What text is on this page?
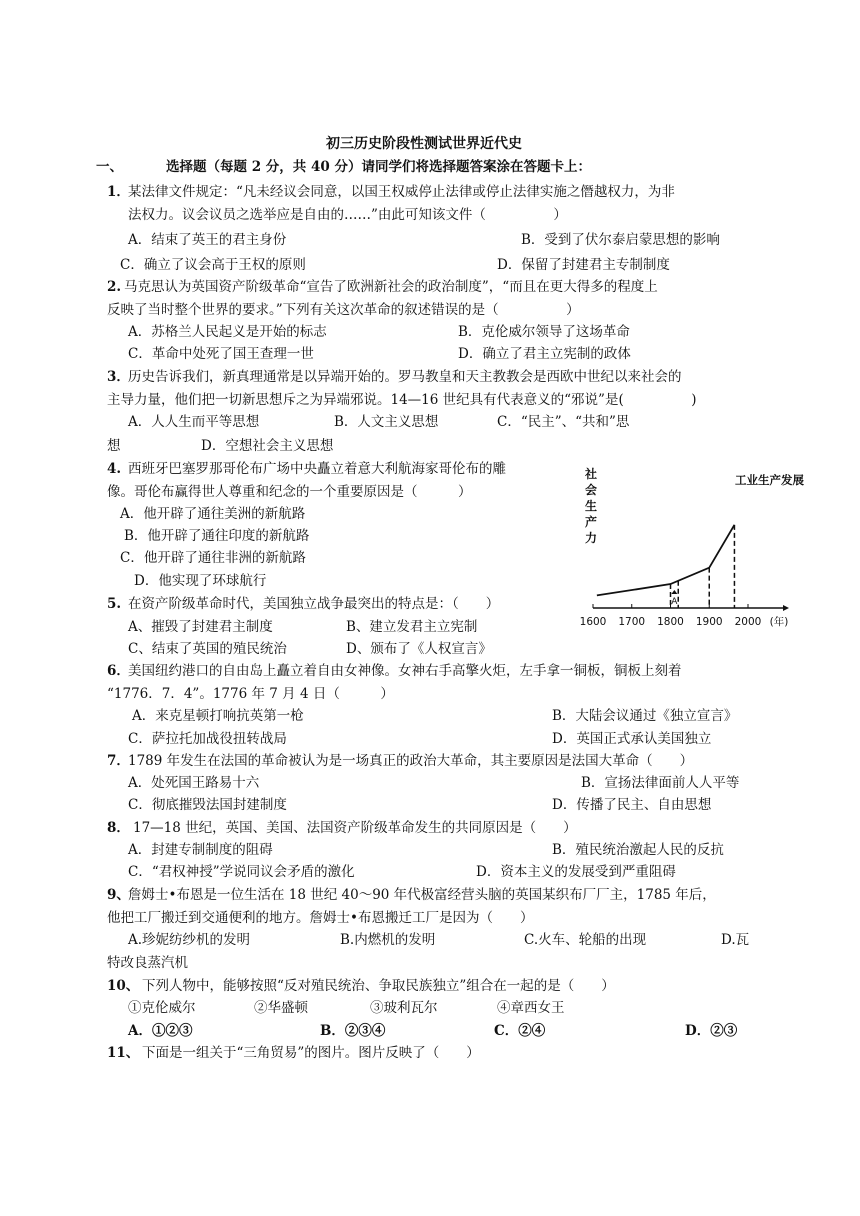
初三历史阶段性测试世界近代史
一、	选择题（每题 2 分，共 40 分）请同学们将选择题答案涂在答题卡上：
1．
某法律文件规定：“凡未经议会同意，以国王权威停止法律或停止法律实施之僭越权力，为非
法权力。议会议员之选举应是自由的……”由此可知该文件（　　　　　）
A．结束了英王的君主身份	B．受到了伏尔泰启蒙思想的影响
C．确立了议会高于王权的原则	D．保留了封建君主专制制度
2. 马克思认为英国资产阶级革命“宣告了欧洲新社会的政治制度”，“而且在更大得多的程度上
反映了当时整个世界的要求。”下列有关这次革命的叙述错误的是（　　　　　）
A．苏格兰人民起义是开始的标志	B．克伦威尔领导了这场革命
C．革命中处死了国王查理一世	D．确立了君主立宪制的政体
3．
历史告诉我们，新真理通常是以异端开始的。罗马教皇和天主教教会是西欧中世纪以来社会的
主导力量，他们把一切新思想斥之为异端邪说。14—16 世纪具有代表意义的“邪说”是(　　　　　)
A．人人生而平等思想	B．人文主义思想	C．“民主”、“共和”思
想	D．空想社会主义思想
4. 西班牙巴塞罗那哥伦布广场中央矗立着意大利航海家哥伦布的雕
像。哥伦布赢得世人尊重和纪念的一个重要原因是（　　　）
A．他开辟了通往美洲的新航路
B．他开辟了通往印度的新航路
C．他开辟了通往非洲的新航路
D．他实现了环球航行
5. 在资产阶级革命时代，美国独立战争最突出的特点是：（　　）
A、摧毁了封建君主制度	B、建立发君主立宪制
C、结束了英国的殖民统治	D、颁布了《人权宣言》
6．
美国纽约港口的自由岛上矗立着自由女神像。女神右手高擎火炬，左手拿一铜板，铜板上刻着
“1776．7．4”。1776 年 7 月 4 日（　　　）
A．来克星顿打响抗英第一枪	B．大陆会议通过《独立宣言》
C．萨拉托加战役扭转战局	D．英国正式承认美国独立
7．
1789 年发生在法国的革命被认为是一场真正的政治大革命，其主要原因是法国大革命（　　）
A．处死国王路易十六	B．宣扬法律面前人人平等
C．彻底摧毁法国封建制度	D．传播了民主、自由思想
8． 17—18 世纪，英国、美国、法国资产阶级革命发生的共同原因是（　　）
A．封建专制制度的阻碍	B．殖民统治激起人民的反抗
C．“君权神授”学说同议会矛盾的激化	D．资本主义的发展受到严重阻碍
9、
詹姆士•布恩是一位生活在 18 世纪 40～90 年代极富经营头脑的英国某织布厂厂主，1785 年后，
他把工厂搬迁到交通便利的地方。詹姆士•布恩搬迁工厂是因为（　　）
A.珍妮纺纱机的发明	B.内燃机的发明	C.火车、轮船的出现	D.瓦
特改良蒸汽机
10、 下列人物中，能够按照“反对殖民统治、争取民族独立”组合在一起的是（　　）
①克伦威尔	②华盛顿	③玻利瓦尔	④章西女王
A．①②③	B．②③④	C．②④	D．②③
11、 下面是一组关于“三角贸易”的图片。图片反映了（　　）
社
会
生
产
力
1600 1700 1800 1900 2000 (年)
工业生产发展
A
